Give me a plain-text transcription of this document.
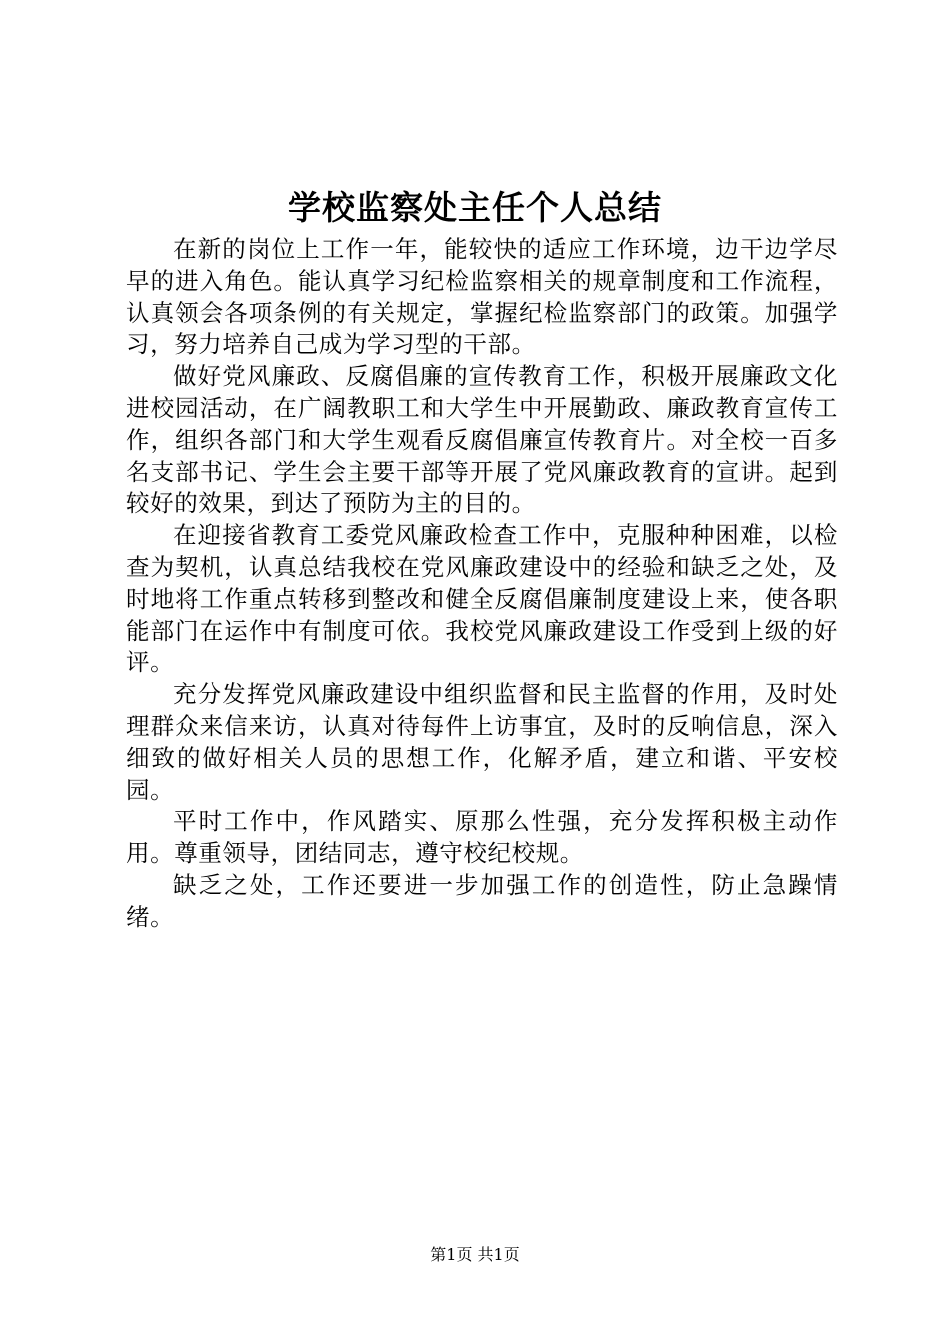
学校监察处主任个人总结

在新的岗位上工作一年，能较快的适应工作环境，边干边学尽早的进入角色。能认真学习纪检监察相关的规章制度和工作流程，认真领会各项条例的有关规定，掌握纪检监察部门的政策。加强学习，努力培养自己成为学习型的干部。

做好党风廉政、反腐倡廉的宣传教育工作，积极开展廉政文化进校园活动，在广阔教职工和大学生中开展勤政、廉政教育宣传工作，组织各部门和大学生观看反腐倡廉宣传教育片。对全校一百多名支部书记、学生会主要干部等开展了党风廉政教育的宣讲。起到较好的效果，到达了预防为主的目的。

在迎接省教育工委党风廉政检查工作中，克服种种困难，以检查为契机，认真总结我校在党风廉政建设中的经验和缺乏之处，及时地将工作重点转移到整改和健全反腐倡廉制度建设上来，使各职能部门在运作中有制度可依。我校党风廉政建设工作受到上级的好评。

充分发挥党风廉政建设中组织监督和民主监督的作用，及时处理群众来信来访，认真对待每件上访事宜，及时的反响信息，深入细致的做好相关人员的思想工作，化解矛盾，建立和谐、平安校园。

平时工作中，作风踏实、原那么性强，充分发挥积极主动作用。尊重领导，团结同志，遵守校纪校规。

缺乏之处，工作还要进一步加强工作的创造性，防止急躁情绪。

第1页 共1页
